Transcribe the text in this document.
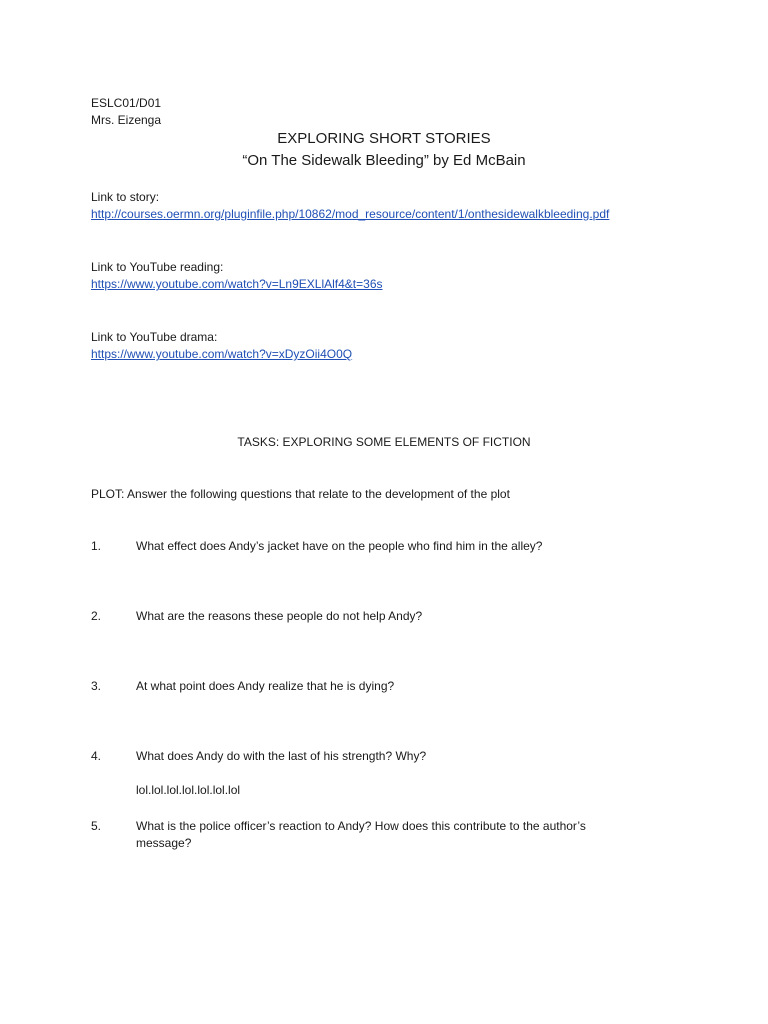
ESLC01/D01
Mrs. Eizenga
EXPLORING SHORT STORIES
“On The Sidewalk Bleeding” by Ed McBain
Link to story:
http://courses.oermn.org/pluginfile.php/10862/mod_resource/content/1/onthesidewalkbleeding.pdf
Link to YouTube reading:
https://www.youtube.com/watch?v=Ln9EXLlAlf4&t=36s
Link to YouTube drama:
https://www.youtube.com/watch?v=xDyzOii4O0Q
TASKS: EXPLORING SOME ELEMENTS OF FICTION
PLOT: Answer the following questions that relate to the development of the plot
1.	What effect does Andy’s jacket have on the people who find him in the alley?
2.	What are the reasons these people do not help Andy?
3.	At what point does Andy realize that he is dying?
4.	What does Andy do with the last of his strength? Why?
lol.lol.lol.lol.lol.lol.lol
5.	What is the police officer’s reaction to Andy? How does this contribute to the author’s message?
